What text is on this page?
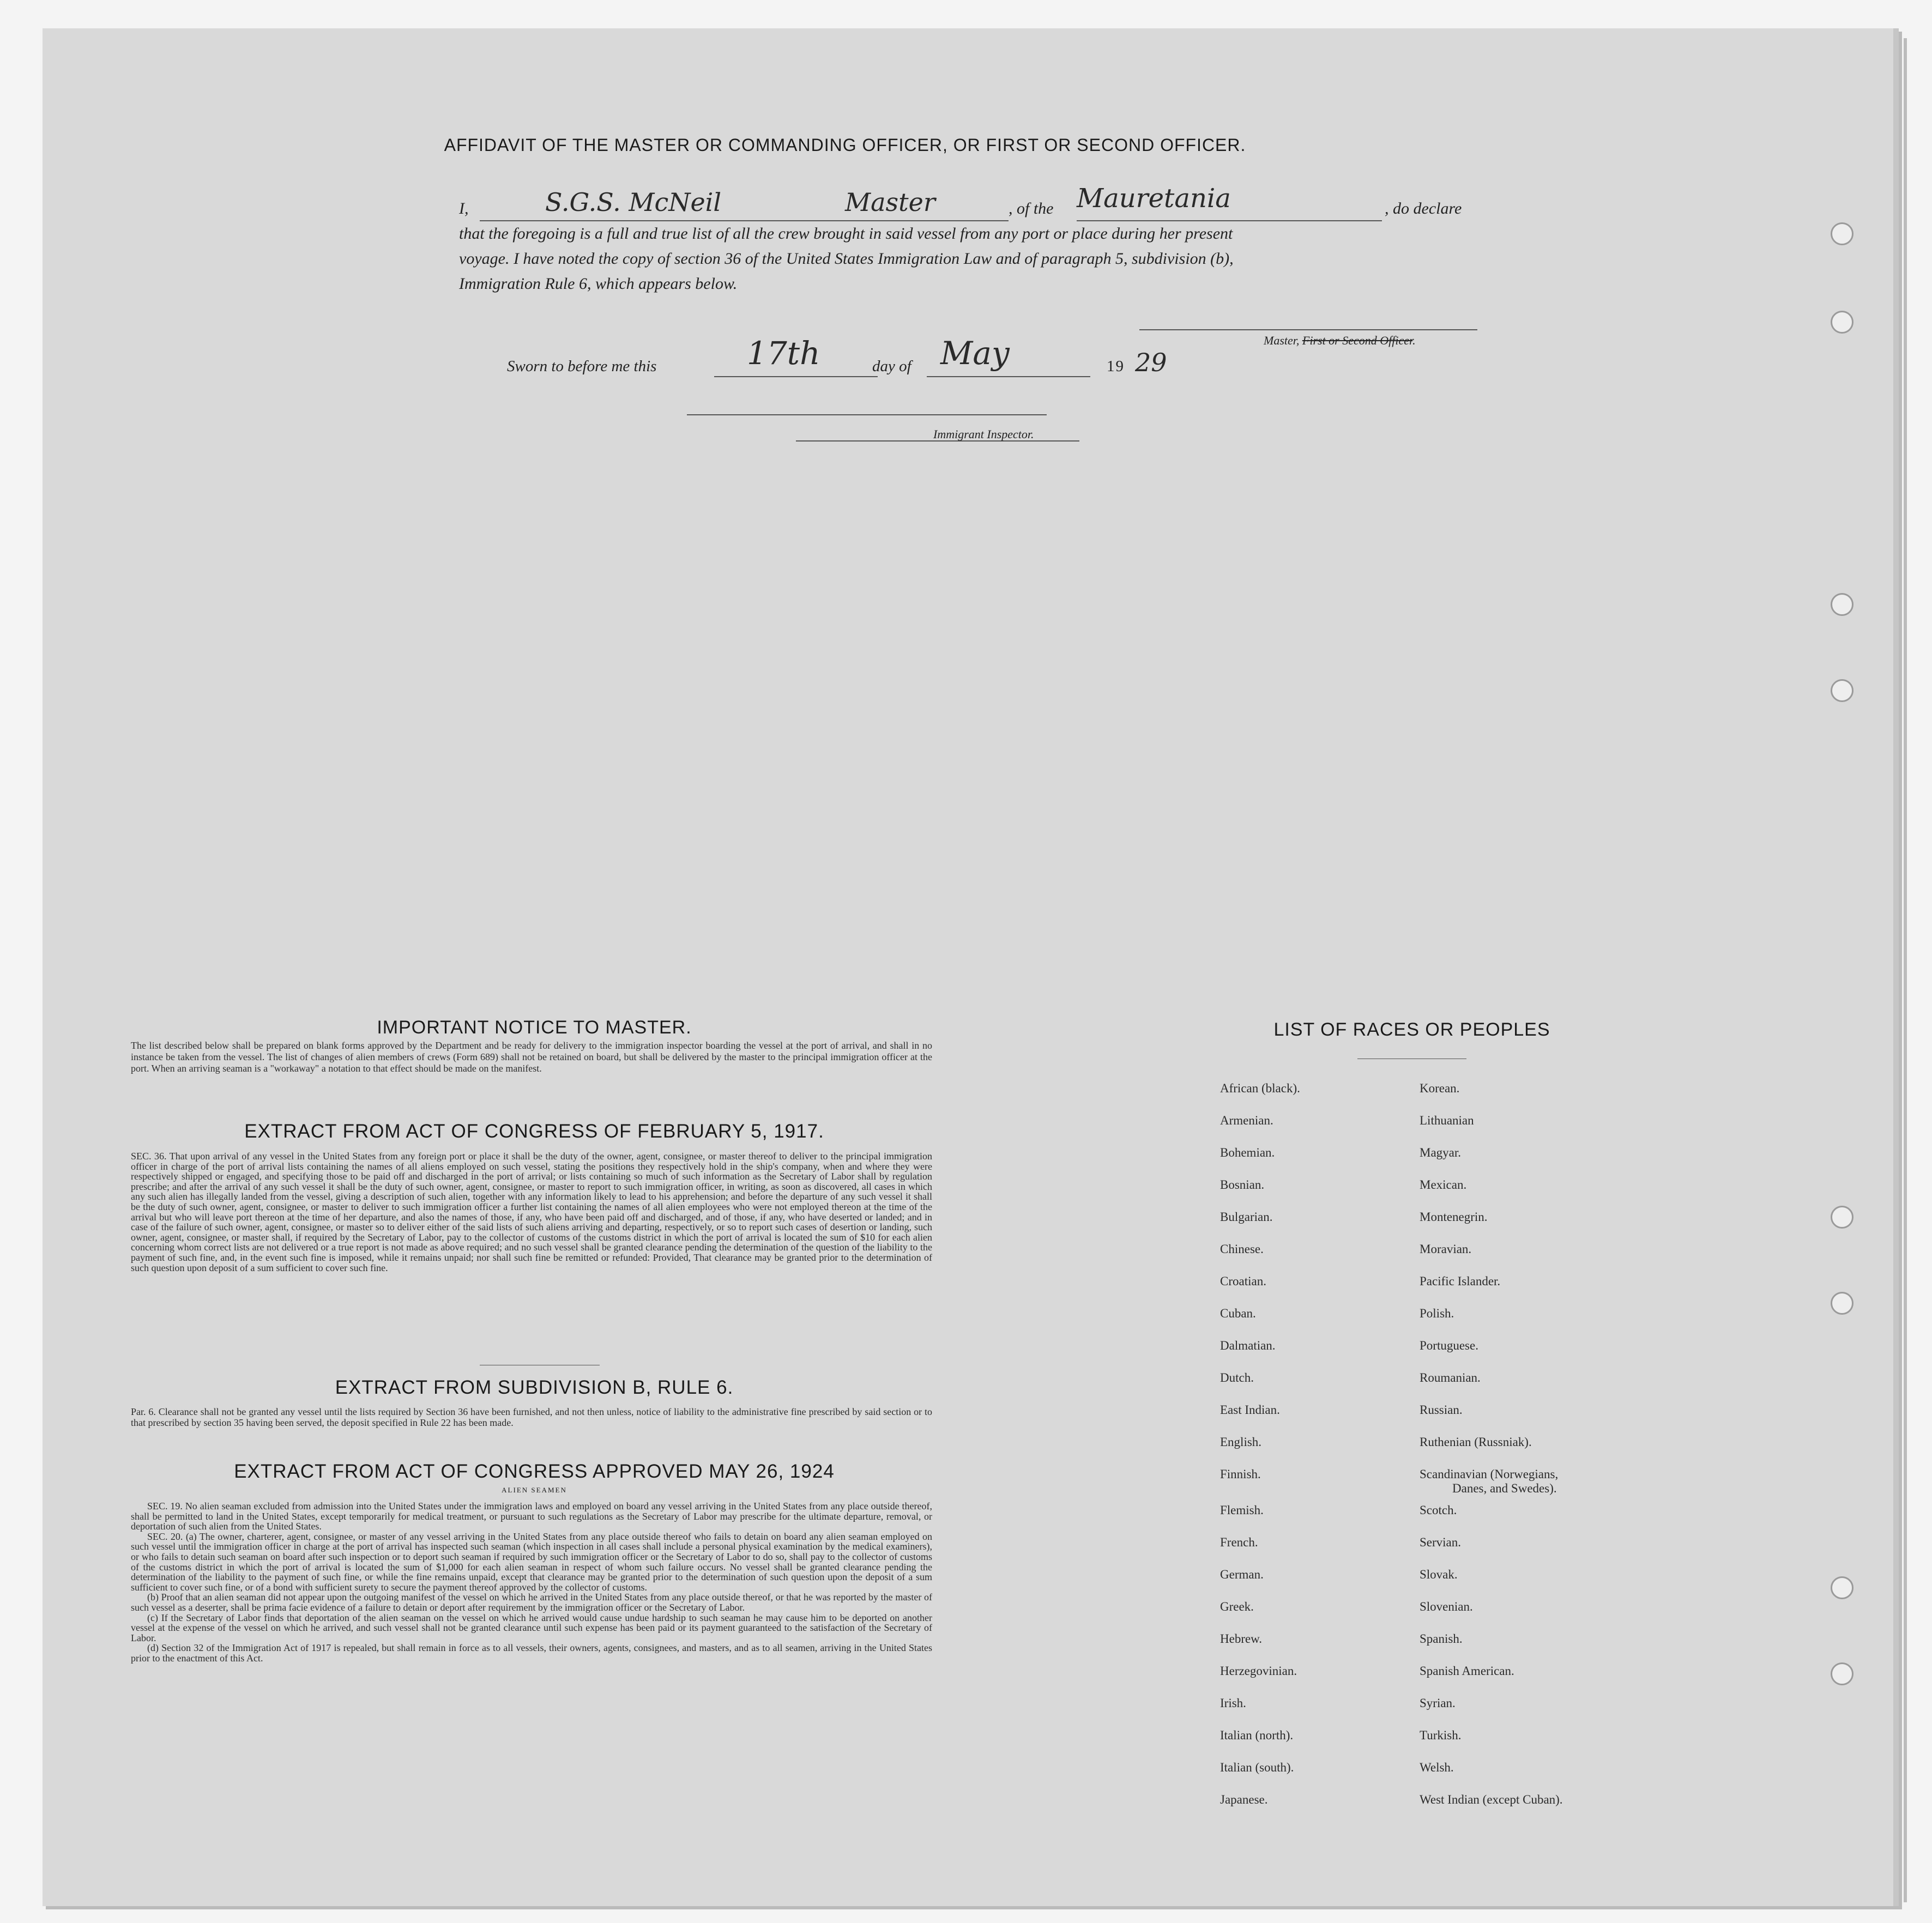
AFFIDAVIT OF THE MASTER OR COMMANDING OFFICER, OR FIRST OR SECOND OFFICER.
I,	S.G.S. McNeil	Master	, of the Mauretania	, do declare
that the foregoing is a full and true list of all the crew brought in said vessel from any port or place during her present
voyage. I have noted the copy of section 36 of the United States Immigration Law and of paragraph 5, subdivision (b),
Immigration Rule 6, which appears below.
Master, First or Second Officer.
Sworn to before me this	17th	day of May	19 29
Immigrant Inspector.
IMPORTANT NOTICE TO MASTER.
The list described below shall be prepared on blank forms approved by the Department and be ready for delivery to the immigration inspector boarding the vessel at the port of arrival, and shall in no instance be taken from the vessel. The list of changes of alien members of crews (Form 689) shall not be retained on board, but shall be delivered by the master to the principal immigration officer at the port. When an arriving seaman is a "workaway" a notation to that effect should be made on the manifest.
EXTRACT FROM ACT OF CONGRESS OF FEBRUARY 5, 1917.
SEC. 36. That upon arrival of any vessel in the United States from any foreign port or place it shall be the duty of the owner, agent, consignee, or master thereof to deliver to the principal immigration officer in charge of the port of arrival lists containing the names of all aliens employed on such vessel, stating the positions they respectively hold in the ship's company, when and where they were respectively shipped or engaged, and specifying those to be paid off and discharged in the port of arrival; or lists containing so much of such information as the Secretary of Labor shall by regulation prescribe; and after the arrival of any such vessel it shall be the duty of such owner, agent, consignee, or master to report to such immigration officer, in writing, as soon as discovered, all cases in which any such alien has illegally landed from the vessel, giving a description of such alien, together with any information likely to lead to his apprehension; and before the departure of any such vessel it shall be the duty of such owner, agent, consignee, or master to deliver to such immigration officer a further list containing the names of all alien employees who were not employed thereon at the time of the arrival but who will leave port thereon at the time of her departure, and also the names of those, if any, who have been paid off and discharged, and of those, if any, who have deserted or landed; and in case of the failure of such owner, agent, consignee, or master so to deliver either of the said lists of such aliens arriving and departing, respectively, or so to report such cases of desertion or landing, such owner, agent, consignee, or master shall, if required by the Secretary of Labor, pay to the collector of customs of the customs district in which the port of arrival is located the sum of $10 for each alien concerning whom correct lists are not delivered or a true report is not made as above required; and no such vessel shall be granted clearance pending the determination of the question of the liability to the payment of such fine, and, in the event such fine is imposed, while it remains unpaid; nor shall such fine be remitted or refunded: Provided, That clearance may be granted prior to the determination of such question upon deposit of a sum sufficient to cover such fine.
EXTRACT FROM SUBDIVISION B, RULE 6.
Par. 6. Clearance shall not be granted any vessel until the lists required by Section 36 have been furnished, and not then unless, notice of liability to the administrative fine prescribed by said section or to that prescribed by section 35 having been served, the deposit specified in Rule 22 has been made.
EXTRACT FROM ACT OF CONGRESS APPROVED MAY 26, 1924
ALIEN SEAMEN
SEC. 19. No alien seaman excluded from admission into the United States under the immigration laws and employed on board any vessel arriving in the United States from any place outside thereof, shall be permitted to land in the United States, except temporarily for medical treatment, or pursuant to such regulations as the Secretary of Labor may prescribe for the ultimate departure, removal, or deportation of such alien from the United States.
SEC. 20. (a) The owner, charterer, agent, consignee, or master of any vessel arriving in the United States from any place outside thereof who fails to detain on board any alien seaman employed on such vessel until the immigration officer in charge at the port of arrival has inspected such seaman (which inspection in all cases shall include a personal physical examination by the medical examiners), or who fails to detain such seaman on board after such inspection or to deport such seaman if required by such immigration officer or the Secretary of Labor to do so, shall pay to the collector of customs of the customs district in which the port of arrival is located the sum of $1,000 for each alien seaman in respect of whom such failure occurs. No vessel shall be granted clearance pending the determination of the liability to the payment of such fine, or while the fine remains unpaid, except that clearance may be granted prior to the determination of such question upon the deposit of a sum sufficient to cover such fine, or of a bond with sufficient surety to secure the payment thereof approved by the collector of customs.
(b) Proof that an alien seaman did not appear upon the outgoing manifest of the vessel on which he arrived in the United States from any place outside thereof, or that he was reported by the master of such vessel as a deserter, shall be prima facie evidence of a failure to detain or deport after requirement by the immigration officer or the Secretary of Labor.
(c) If the Secretary of Labor finds that deportation of the alien seaman on the vessel on which he arrived would cause undue hardship to such seaman he may cause him to be deported on another vessel at the expense of the vessel on which he arrived, and such vessel shall not be granted clearance until such expense has been paid or its payment guaranteed to the satisfaction of the Secretary of Labor.
(d) Section 32 of the Immigration Act of 1917 is repealed, but shall remain in force as to all vessels, their owners, agents, consignees, and masters, and as to all seamen, arriving in the United States prior to the enactment of this Act.
LIST OF RACES OR PEOPLES
African (black).
Armenian.
Bohemian.
Bosnian.
Bulgarian.
Chinese.
Croatian.
Cuban.
Dalmatian.
Dutch.
East Indian.
English.
Finnish.
Flemish.
French.
German.
Greek.
Hebrew.
Herzegovinian.
Irish.
Italian (north).
Italian (south).
Japanese.
Korean.
Lithuanian
Magyar.
Mexican.
Montenegrin.
Moravian.
Pacific Islander.
Polish.
Portuguese.
Roumanian.
Russian.
Ruthenian (Russniak).
Scandinavian (Norwegians,
Danes, and Swedes).
Scotch.
Servian.
Slovak.
Slovenian.
Spanish.
Spanish American.
Syrian.
Turkish.
Welsh.
West Indian (except Cuban).
